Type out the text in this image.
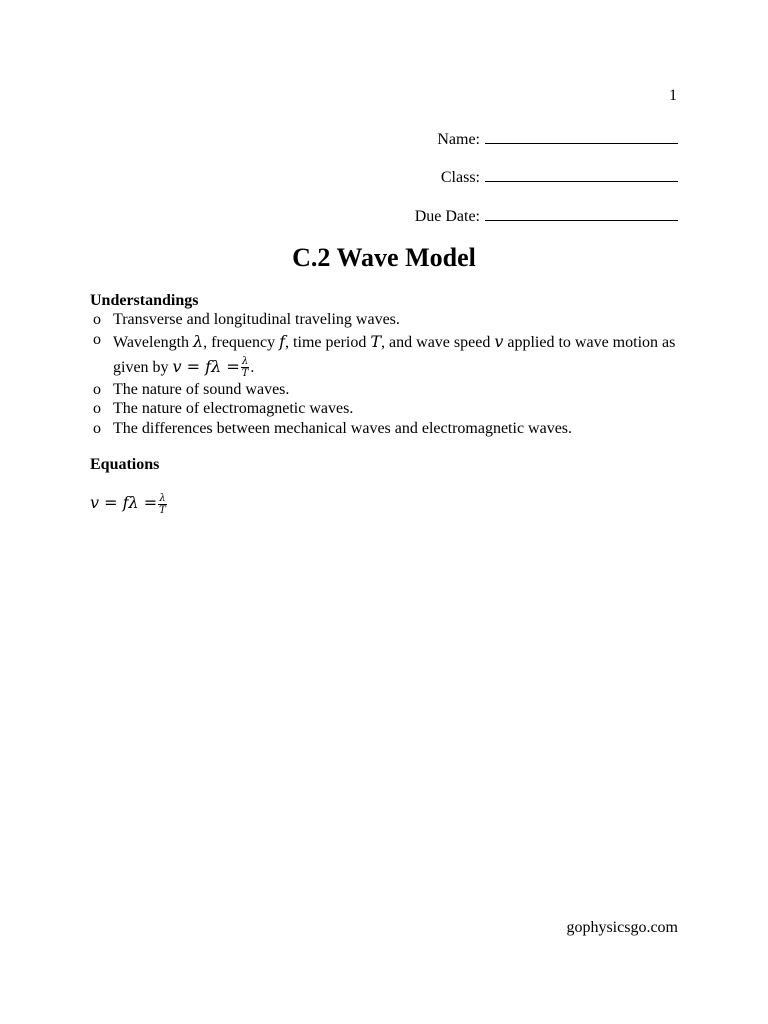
1
Name:
Class:
Due Date:
C.2 Wave Model
Understandings
o Transverse and longitudinal traveling waves.
o Wavelength λ, frequency f, time period T, and wave speed v applied to wave motion as given by $v = f\lambda = \frac{\lambda}{T}$ .
o The nature of sound waves.
o The nature of electromagnetic waves.
o The differences between mechanical waves and electromagnetic waves.
Equations
$v = f\lambda = \frac{\lambda}{T}$
gophysicsgo.com
